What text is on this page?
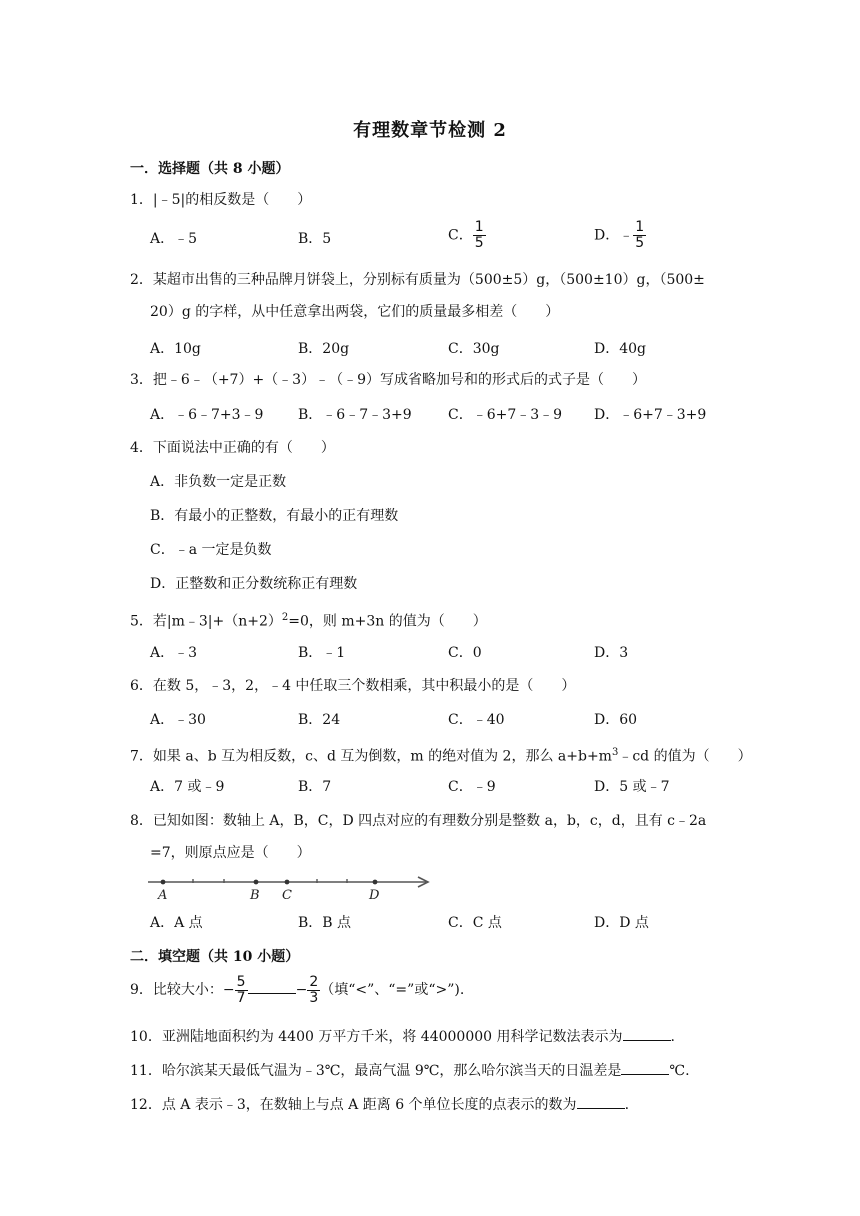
有理数章节检测 2
一．选择题（共 8 小题）
1．|﹣5|的相反数是（　　）
A．﹣5	B．5	C． $\frac{1}{5}$	D．﹣ $\frac{1}{5}$
2．某超市出售的三种品牌月饼袋上，分别标有质量为（500±5）g，（500±10）g，（500±
20）g 的字样，从中任意拿出两袋，它们的质量最多相差（　　）
A．10g	B．20g	C．30g	D．40g
3．把﹣6﹣（+7）+（﹣3）﹣（﹣9）写成省略加号和的形式后的式子是（　　）
A．﹣6﹣7+3﹣9 B．﹣6﹣7﹣3+9	C．﹣6+7﹣3﹣9 D．﹣6+7﹣3+9
4．下面说法中正确的有（　　）
A．非负数一定是正数
B．有最小的正整数，有最小的正有理数
C．﹣a 一定是负数
D．正整数和正分数统称正有理数
5．若$|m﹣3|+(n+2)^2=0$，则 m+3n 的值为（　　）
A．﹣3	B．﹣1	C．0	D．3
6．在数 5，﹣3，2，﹣4 中任取三个数相乘，其中积最小的是（　　）
A．﹣30	B．24	C．﹣40	D．60
7．如果 a、b 互为相反数，c、d 互为倒数，m 的绝对值为 2，那么 $a+b+m^3﹣cd$ 的值为（　　）
A．7 或﹣9	B．7	C．﹣9	D．5 或﹣7
8．已知如图：数轴上 A，B，C，D 四点对应的有理数分别是整数 a，b，c，d，且有 c﹣2a
=7，则原点应是（　　）
A	B C	D
A．A 点	B．B 点	C．C 点	D．D 点
二．填空题（共 10 小题）
9．比较大小：− $\frac{5}{7}$	− $\frac{2}{3}$ （填“<”、“=”或“>”).
10．亚洲陆地面积约为 4400 万平方千米，将 44000000 用科学记数法表示为	.
11．哈尔滨某天最低气温为﹣3℃，最高气温 9℃，那么哈尔滨当天的日温差是	℃.
12．点 A 表示﹣3，在数轴上与点 A 距离 6 个单位长度的点表示的数为	.
